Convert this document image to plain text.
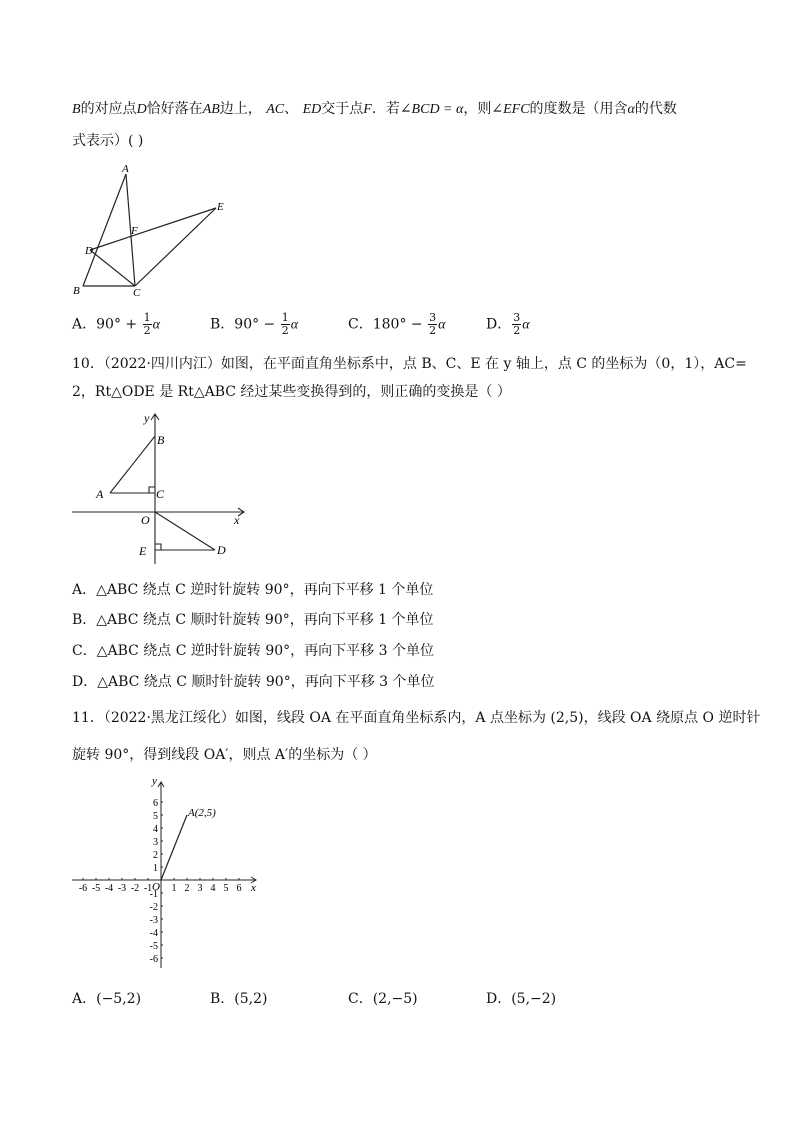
B的对应点D恰好落在AB边上， AC、 ED交于点F．若∠BCD = α，则∠EFC的度数是（用含α的代数
式表示）( )
A
B	C
D
E
F
A．$90^\circ + \frac{1}{2}$ α	B．$90^\circ - \frac{1}{2}$ α	C．$180^\circ - \frac{3}{2}$ α	D． $\frac{3}{2}$ α
10．（2022·四川内江）如图，在平面直角坐标系中，点 B、C、E 在 y 轴上，点 C 的坐标为（0，1），AC=
2，Rt△ODE 是 Rt△ABC 经过某些变换得到的，则正确的变换是（ ）
y
x
O
A
B
C
D
E
A．△ABC 绕点 C 逆时针旋转 90°，再向下平移 1 个单位
B．△ABC 绕点 C 顺时针旋转 90°，再向下平移 1 个单位
C．△ABC 绕点 C 逆时针旋转 90°，再向下平移 3 个单位
D．△ABC 绕点 C 顺时针旋转 90°，再向下平移 3 个单位
11．（2022·黑龙江绥化）如图，线段 OA 在平面直角坐标系内，A 点坐标为 (2,5)，线段 OA 绕原点 O 逆时针
旋转 90°，得到线段 OA′，则点 A′的坐标为（ ）
-6 -5 -4 -3 -2 -1 1 2 3 4 5 6
6
5
4
3
2
1
-1
-2
-3
-4
-5
-6
y
x
O
A(2,5)
A．(−5,2)	B．(5,2)	C．(2,−5)	D．(5,−2)
